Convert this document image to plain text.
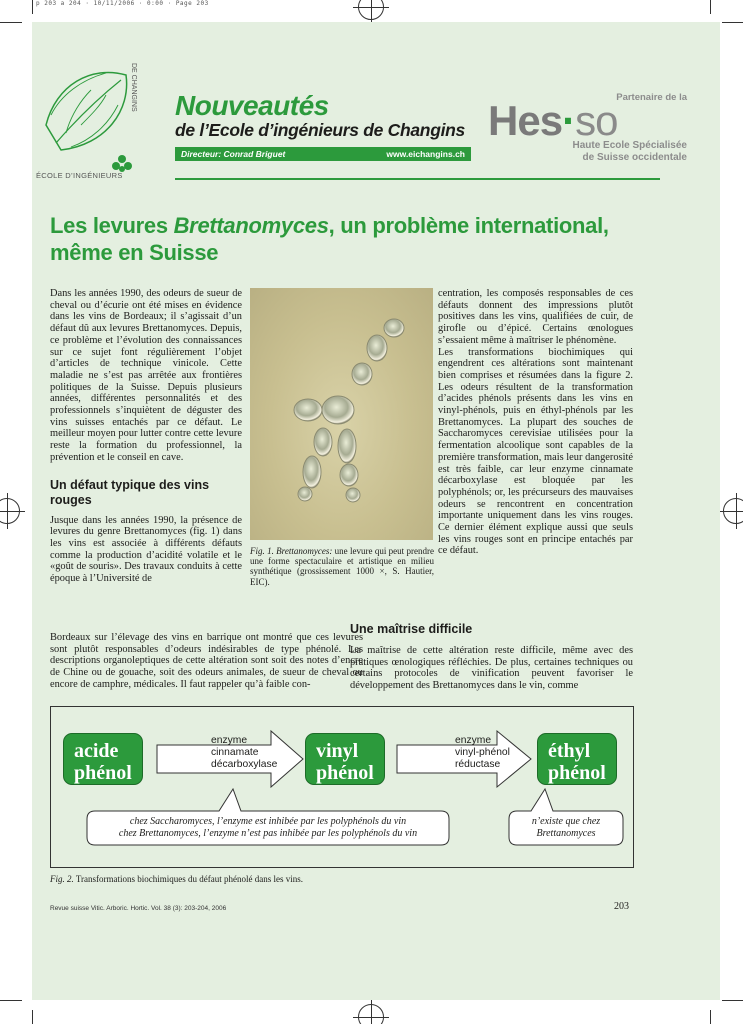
p 203 a 204 · 10/11/2006 · 0:00 · Page 203
DE CHANGINS
ÉCOLE D’INGÉNIEURS
Nouveautés
de l’Ecole d’ingénieurs de Changins
Directeur: Conrad Briguet	www.eichangins.ch
Partenaire de la
Hes·so
Haute Ecole Spécialisée
de Suisse occidentale
Les levures Brettanomyces, un problème international,
même en Suisse

Dans les années 1990, des odeurs de sueur de cheval ou d’écurie ont été mises en évidence dans les vins de Bordeaux; il s’agissait d’un défaut dû aux levures Brettanomyces. Depuis, ce problème et l’évolution des connaissances sur ce sujet font régulièrement l’objet d’articles de technique vinicole. Cette maladie ne s’est pas arrêtée aux frontières politiques de la Suisse. Depuis plusieurs années, différentes personnalités et des professionnels s’inquiètent de déguster des vins suisses entachés par ce défaut. Le meilleur moyen pour lutter contre cette levure reste la formation du professionnel, la prévention et le conseil en cave.

Un défaut typique des vins rouges

Jusque dans les années 1990, la présence de levures du genre Brettanomyces (fig. 1) dans les vins est associée à différents défauts comme la production d’acidité volatile et le «goût de souris». Des travaux conduits à cette époque à l’Université de

Fig. 1. Brettanomyces: une levure qui peut prendre une forme spectaculaire et artistique en milieu synthétique (grossissement 1000 ×, S. Hautier, EIC).
Bordeaux sur l’élevage des vins en barrique ont montré que ces levures sont plutôt responsables d’odeurs indésirables de type phénolé. Les descriptions organoleptiques de cette altération sont soit des notes d’encre de Chine ou de gouache, soit des odeurs animales, de sueur de cheval ou encore de camphre, médicales. Il faut rappeler qu’à faible con-

centration, les composés responsables de ces défauts donnent des impressions plutôt positives dans les vins, qualifiées de cuir, de girofle ou d’épicé. Certains œnologues s’essaient même à maîtriser le phénomène.

Les transformations biochimiques qui engendrent ces altérations sont maintenant bien comprises et résumées dans la figure 2. Les odeurs résultent de la transformation d’acides phénols présents dans les vins en vinyl-phénols, puis en éthyl-phénols par les Brettanomyces. La plupart des souches de Saccharomyces cerevisiae utilisées pour la fermentation alcoolique sont capables de la première transformation, mais leur dangerosité est très faible, car leur enzyme cinnamate décarboxylase est bloquée par les polyphénols; or, les précurseurs des mauvaises odeurs se rencontrent en concentration importante uniquement dans les vins rouges. Ce dernier élément explique aussi que seuls les vins rouges sont en principe entachés par ce défaut.

Une maîtrise difficile

La maîtrise de cette altération reste difficile, même avec des pratiques œnologiques réfléchies. De plus, certaines techniques ou certains protocoles de vinification peuvent favoriser le développement des Brettanomyces dans le vin, comme

acide
phénol
vinyl
phénol
éthyl
phénol
enzyme
cinnamate
décarboxylase
enzyme
vinyl-phénol
réductase
chez Saccharomyces, l’enzyme est inhibée par les polyphénols du vin
chez Brettanomyces, l’enzyme n’est pas inhibée par les polyphénols du vin
n’existe que chez
Brettanomyces
Fig. 2. Transformations biochimiques du défaut phénolé dans les vins.
Revue suisse Vitic. Arboric. Hortic. Vol. 38 (3): 203-204, 2006	203
